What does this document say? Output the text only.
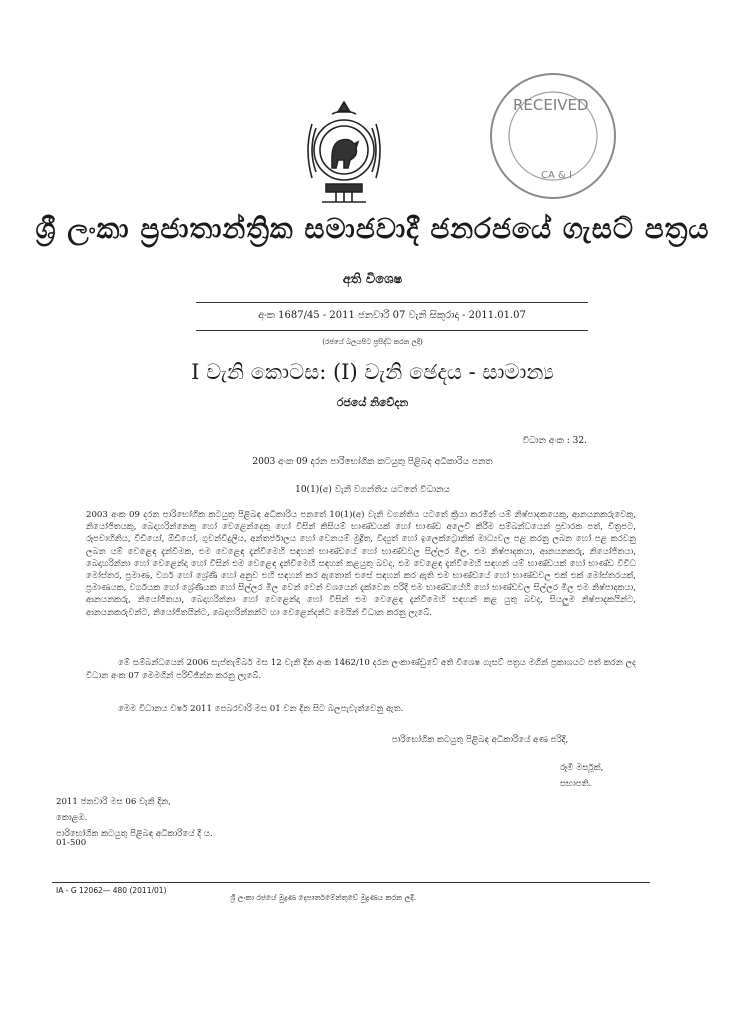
RECEIVED
CA & I
ශ්‍රී ලංකා ප්‍රජාතාන්ත්‍රික සමාජවාදී ජනරජයේ ගැසට් පත්‍රය
අති විශෙෂ
අංක 1687/45 - 2011 ජනවාරි 07 වැනි සිකුරාදා - 2011.01.07
(රජයේ බලයපිට ප්‍රසිද්ධ කරන ලදී)
I වැනි කොටස: (I) වැනි ඡෙදය - සාමාන්‍ය
රජයේ නිවේදන
විධාන අංක : 32.
2003 අංක 09 දරන පාරිභෝගික කටයුතු පිළිබඳ අධිකාරිය පනත
10(1)(අ) වැනි වගන්තිය යටතේ විධානය
2003 අංක 09 දරන පාරිභෝගික කටයුතු පිළිබඳ අධිකාරිය පනතේ 10(1)(අ) වැනි වගන්තිය යටතේ ක්‍රියා කරමින් යම් නිෂ්පාදකයෙකු, ආනයනකරුවෙකු, නියෝජිතයකු, බෙදාහරින්නෙකු හෝ වෙළෙන්දෙකු හෝ විසින් කිසියම් භාණ්ඩයක් හෝ භාණ්ඩ අලෙවි කිරීම සම්බන්ධයෙන් ප්‍රචාරක පත්, චිත්‍රපට, රූපවාහිනිය, වීඩියෝ, ඕඩියෝ, ගුවන්විදුලිය, අන්තර්ජාලය හෝ වෙනයම් මුද්‍රිත, විද්‍යුත් හෝ ඉලෙක්ට්‍රොනික් මාධ්‍යවල පළ කරනු ලබන හෝ පළ කරවනු ලබන යම් වෙළෙඳ දැන්වීමක, එම වෙළෙඳ දැන්වීමෙහි සඳහන් භාණ්ඩයේ හෝ භාණ්ඩවල සිල්ලර මිල, එම නිෂ්පාදකයා, ආනයනකරු, නියෝජිතයා, බෙදාහරින්නා හෝ වෙළෙන්දා හෝ විසින් එම වෙළෙඳ දැන්වීමෙහි සඳහන් කළයුතු බවද, එම වෙළෙඳ දැන්වීමෙහි සඳහන් යම් භාණ්ඩයක් හෝ භාණ්ඩ විවිධ මෝස්තර, ප්‍රමාණ, වර්ග හෝ ශ්‍රේණි හෝ අනුව එහි සඳහන් කර ඇතොත් එසේ සඳහන් කර ඇති එම භාණ්ඩයේ හෝ භාණ්ඩවල එක් එක් මෝස්තරයක්, ප්‍රමාණයක, වර්ගයක හෝ ශ්‍රේණියක හෝ සිල්ලර මිල වෙන් වෙන් වශයෙන් දැක්වෙන පරිදි එම භාණ්ඩයේහි හෝ භාණ්ඩවල සිල්ලර මිල එම නිෂ්පාදකයා, ආනයනකරු, නියෝජිතයා, බෙදාහරින්නා හෝ වෙළෙන්දා හෝ විසින් එම වෙළෙඳ දැන්වීමෙහි සඳහන් කළ යුතු බවද, සියලුම නිෂ්පාදකයින්ට, ආනයනකරුවන්ට, නියෝජිතයින්ට, බෙදාහරින්නන්ට හා වෙළෙන්දන්ට මෙයින් විධාන කරනු ලැබේ.
මේ සම්බන්ධයෙන් 2006 සැප්තැම්බර් මස 12 වැනි දින අංක 1462/10 දරන ලංකාණ්ඩුවේ අති විශෙෂ ගැසට් පත්‍රය මගින් ප්‍රකාශයට පත් කරන ලද විධාන අංක 07 මෙමගින් පරිච්ඡින්න කරනු ලැබේ.
මෙම විධානය වර්ෂ 2011 පෙබරවාරි මස 01 වන දින සිට බලපැවැත්වෙනු ඇත.
පාරිභෝගික කටයුතු පිළිබඳ අධිකාරියේ අණ පරිදි,
රූමි මර්සූක්,
සභාපති.
2011 ජනවාරි මස 06 වැනි දින,
කොළඹ.
පාරිභෝගික කටයුතු පිළිබඳ අධිකාරියේ දී ය.
01-500
IA - G 12062— 480 (2011/01)
ශ්‍රී ලංකා රජයේ මුද්‍රණ දෙපාර්තමේන්තුවේ මුද්‍රණය කරන ලදී.
